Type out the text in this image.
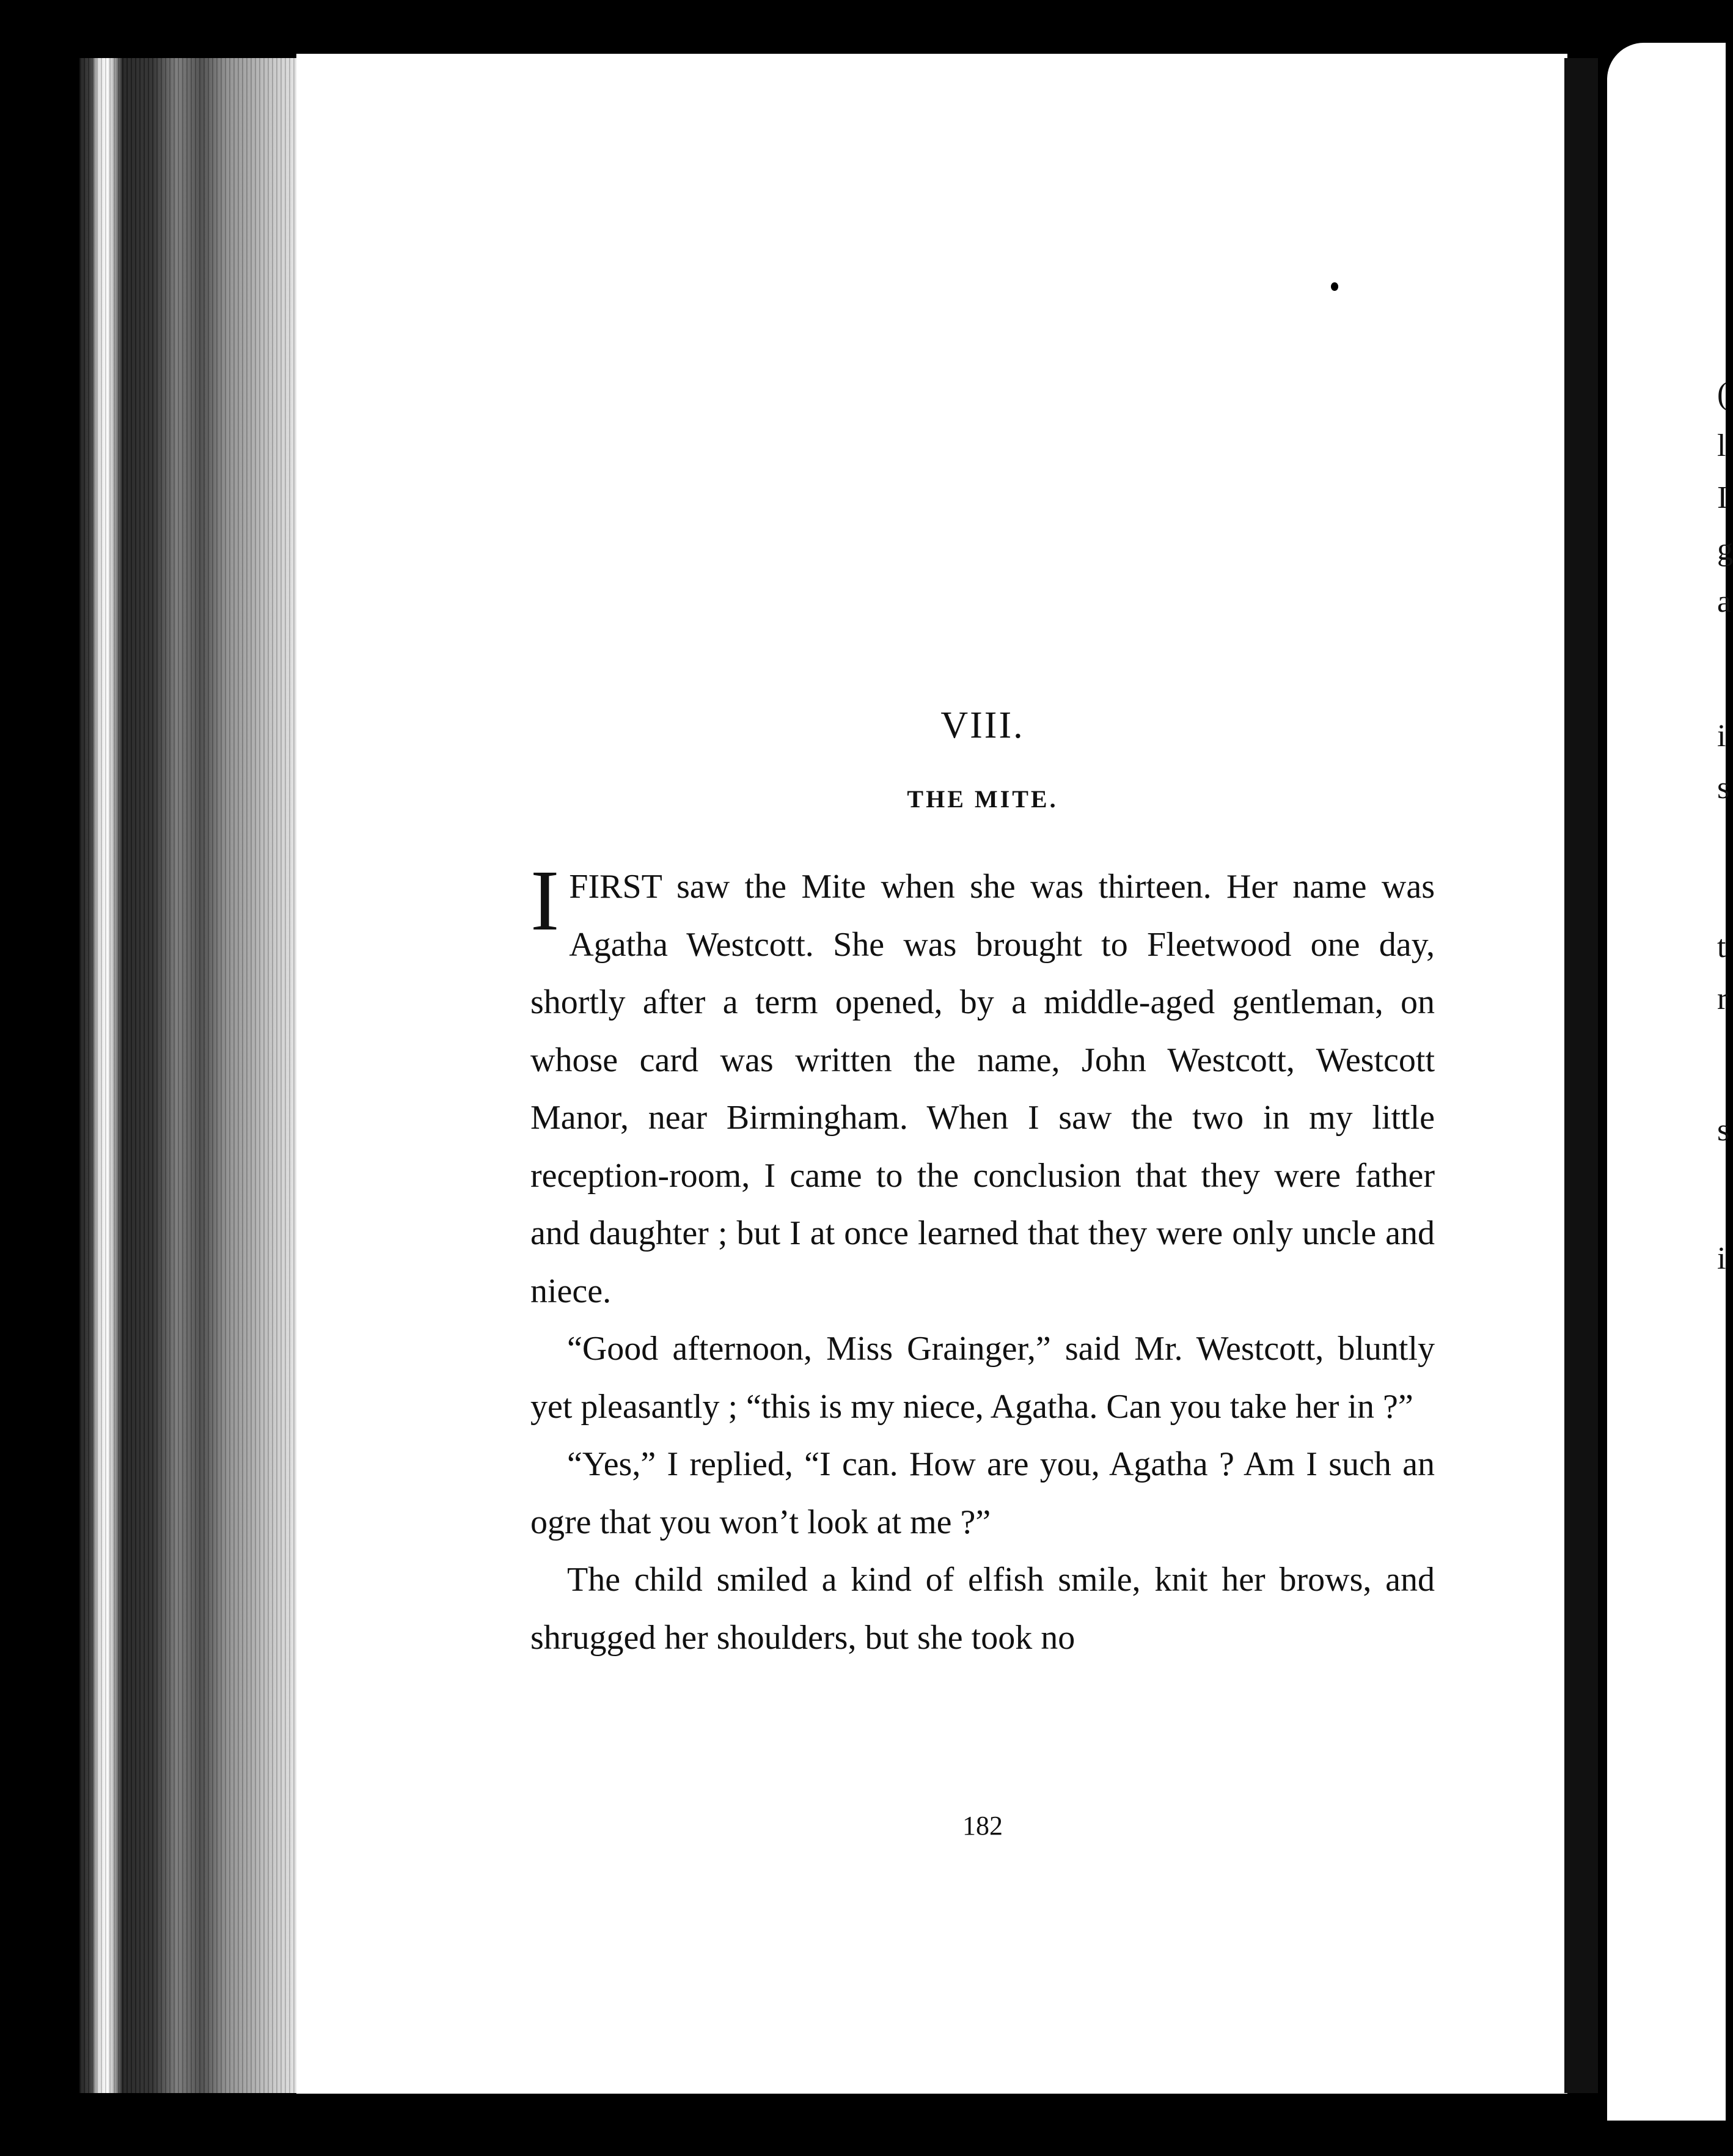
(
l
I
g
a
i
s
t
r
s
i
VIII.
THE MITE.

I FIRST saw the Mite when she was thirteen. Her name was Agatha Westcott. She was brought to Fleetwood one day, shortly after a term opened, by a middle-aged gentleman, on whose card was written the name, John Westcott, Westcott Manor, near Birmingham. When I saw the two in my little reception-room, I came to the conclusion that they were father and daughter ; but I at once learned that they were only uncle and niece.

“Good afternoon, Miss Grainger,” said Mr. Westcott, bluntly yet pleasantly ; “this is my niece, Agatha. Can you take her in ?”

“Yes,” I replied, “I can. How are you, Agatha ? Am I such an ogre that you won’t look at me ?”

The child smiled a kind of elfish smile, knit her brows, and shrugged her shoulders, but she took no

182
